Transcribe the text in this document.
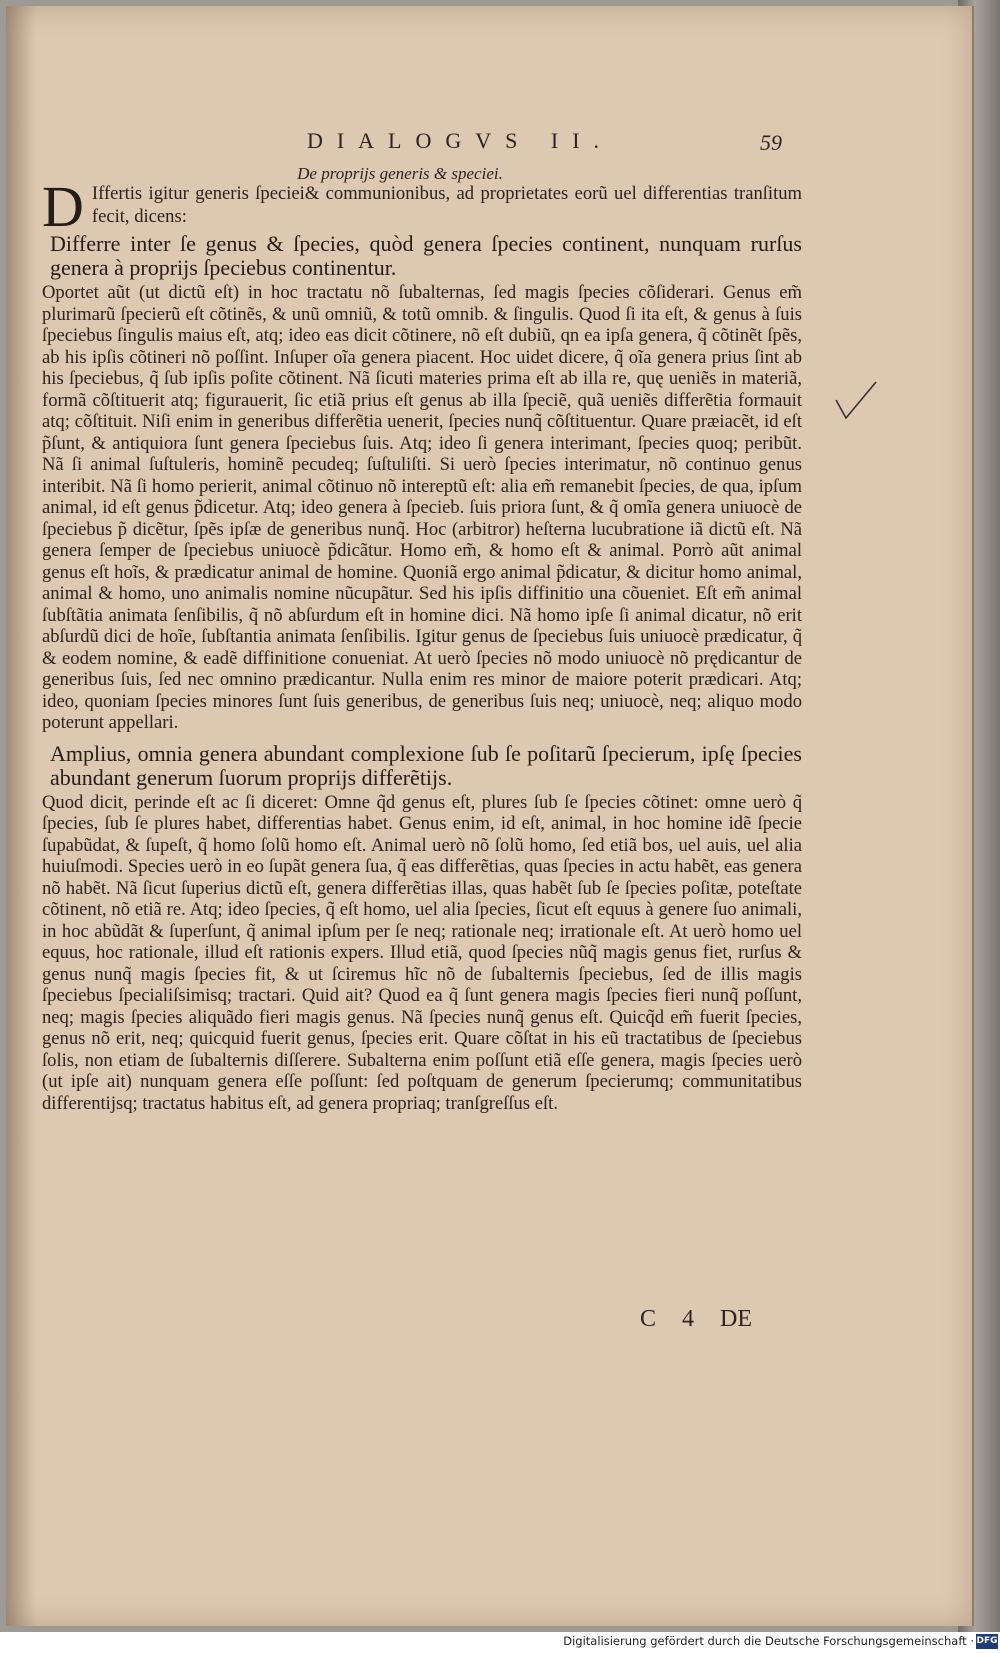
DIALOGVS II.	59
De proprijs generis & speciei.

D Iffertis igitur generis ſpeciei& communionibus, ad proprietates eorũ uel differentias tranſitum fecit, dicens:

Differre inter ſe genus & ſpecies, quòd genera ſpecies continent, nunquam rurſus genera à proprijs ſpeciebus continentur.

Oportet aũt (ut dictũ eſt) in hoc tractatu nõ ſubalternas, ſed magis ſpecies cõſiderari. Genus em̃ plurimarũ ſpecierũ eſt cõtinẽs, & unũ omniũ, & totũ omnib. & ſingulis. Quod ſi ita eſt, & genus à ſuis ſpeciebus ſingulis maius eſt, atq; ideo eas dicit cõtinere, nõ eſt dubiũ, qn ea ipſa genera, q̃ cõtinẽt ſpẽs, ab his ipſis cõtineri nõ poſſint. Inſuper oĩa genera piacent. Hoc uidet dicere, q̃ oĩa genera prius ſint ab his ſpeciebus, q̃ ſub ipſis poſite cõtinent. Nã ſicuti materies prima eſt ab illa re, quę ueniẽs in materiã, formã cõſtituerit atq; figurauerit, ſic etiã prius eſt genus ab illa ſpeciẽ, quã ueniẽs differẽtia formauit atq; cõſtituit. Niſi enim in generibus differẽtia uenerit, ſpecies nunq̃ cõſtituentur. Quare præiacẽt, id eſt p̃ſunt, & antiquiora ſunt genera ſpeciebus ſuis. Atq; ideo ſi genera interimant, ſpecies quoq; peribũt. Nã ſi animal ſuſtuleris, hominẽ pecudeq; ſuſtuliſti. Si uerò ſpecies interimatur, nõ continuo genus interibit. Nã ſi homo perierit, animal cõtinuo nõ intereptũ eſt: alia em̃ remanebit ſpecies, de qua, ipſum animal, id eſt genus p̃dicetur. Atq; ideo genera à ſpecieb. ſuis priora ſunt, & q̃ omĩa genera uniuocè de ſpeciebus p̃ dicẽtur, ſpẽs ipſæ de generibus nunq̃. Hoc (arbitror) heſterna lucubratione iã dictũ eſt. Nã genera ſemper de ſpeciebus uniuocè p̃dicãtur. Homo em̃, & homo eſt & animal. Porrò aũt animal genus eſt hoĩs, & prædicatur animal de homine. Quoniã ergo animal p̃dicatur, & dicitur homo animal, animal & homo, uno animalis nomine nũcupãtur. Sed his ipſis diffinitio una cõueniet. Eſt em̃ animal ſubſtãtia animata ſenſibilis, q̃ nõ abſurdum eſt in homine dici. Nã homo ipſe ſi animal dicatur, nõ erit abſurdũ dici de hoĩe, ſubſtantia animata ſenſibilis. Igitur genus de ſpeciebus ſuis uniuocè prædicatur, q̃ & eodem nomine, & eadẽ diffinitione conueniat. At uerò ſpecies nõ modo uniuocè nõ prędicantur de generibus ſuis, ſed nec omnino prædicantur. Nulla enim res minor de maiore poterit prædicari. Atq; ideo, quoniam ſpecies minores ſunt ſuis generibus, de generibus ſuis neq; uniuocè, neq; aliquo modo poterunt appellari.

Amplius, omnia genera abundant complexione ſub ſe poſitarũ ſpecierum, ipſę ſpecies abundant generum ſuorum proprijs differẽtijs.

Quod dicit, perinde eſt ac ſi diceret: Omne q̃d genus eſt, plures ſub ſe ſpecies cõtinet: omne uerò q̃ ſpecies, ſub ſe plures habet, differentias habet. Genus enim, id eſt, animal, in hoc homine idẽ ſpecie ſupabũdat, & ſupeſt, q̃ homo ſolũ homo eſt. Animal uerò nõ ſolũ homo, ſed etiã bos, uel auis, uel alia huiuſmodi. Species uerò in eo ſupãt genera ſua, q̃ eas differẽtias, quas ſpecies in actu habẽt, eas genera nõ habẽt. Nã ſicut ſuperius dictũ eſt, genera differẽtias illas, quas habẽt ſub ſe ſpecies poſitæ, poteſtate cõtinent, nõ etiã re. Atq; ideo ſpecies, q̃ eſt homo, uel alia ſpecies, ſicut eſt equus à genere ſuo animali, in hoc abũdãt & ſuperſunt, q̃ animal ipſum per ſe neq; rationale neq; irrationale eſt. At uerò homo uel equus, hoc rationale, illud eſt rationis expers. Illud etiã, quod ſpecies nũq̃ magis genus fiet, rurſus & genus nunq̃ magis ſpecies fit, & ut ſciremus hĩc nõ de ſubalternis ſpeciebus, ſed de illis magis ſpeciebus ſpecialiſsimisq; tractari. Quid ait? Quod ea q̃ ſunt genera magis ſpecies fieri nunq̃ poſſunt, neq; magis ſpecies aliquãdo fieri magis genus. Nã ſpecies nunq̃ genus eſt. Quicq̃d em̃ fuerit ſpecies, genus nõ erit, neq; quicquid fuerit genus, ſpecies erit. Quare cõſtat in his eũ tractatibus de ſpeciebus ſolis, non etiam de ſubalternis diſſerere. Subalterna enim poſſunt etiã eſſe genera, magis ſpecies uerò (ut ipſe ait) nunquam genera eſſe poſſunt: ſed poſtquam de generum ſpecierumq; communitatibus differentijsq; tractatus habitus eſt, ad genera propriaq; tranſgreſſus eſt.

C 4 DE
Digitalisierung gefördert durch die Deutsche Forschungsgemeinschaft · DFG
